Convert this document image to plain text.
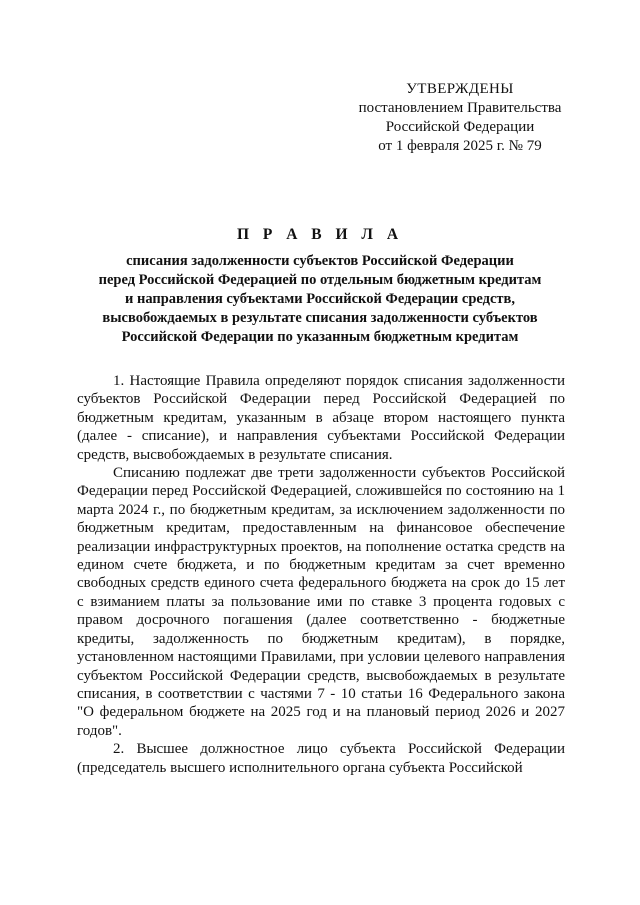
УТВЕРЖДЕНЫ
постановлением Правительства
Российской Федерации
от 1 февраля 2025 г. № 79
П Р А В И Л А
списания задолженности субъектов Российской Федерации
перед Российской Федерацией по отдельным бюджетным кредитам
и направления субъектами Российской Федерации средств,
высвобождаемых в результате списания задолженности субъектов
Российской Федерации по указанным бюджетным кредитам

1. Настоящие Правила определяют порядок списания задолженности субъектов Российской Федерации перед Российской Федерацией по бюджетным кредитам, указанным в абзаце втором настоящего пункта (далее - списание), и направления субъектами Российской Федерации средств, высвобождаемых в результате списания.

Списанию подлежат две трети задолженности субъектов Российской Федерации перед Российской Федерацией, сложившейся по состоянию на 1 марта 2024 г., по бюджетным кредитам, за исключением задолженности по бюджетным кредитам, предоставленным на финансовое обеспечение реализации инфраструктурных проектов, на пополнение остатка средств на едином счете бюджета, и по бюджетным кредитам за счет временно свободных средств единого счета федерального бюджета на срок до 15 лет с взиманием платы за пользование ими по ставке 3 процента годовых с правом досрочного погашения (далее соответственно - бюджетные кредиты, задолженность по бюджетным кредитам), в порядке, установленном настоящими Правилами, при условии целевого направления субъектом Российской Федерации средств, высвобождаемых в результате списания, в соответствии с частями 7 - 10 статьи 16 Федерального закона "О федеральном бюджете на 2025 год и на плановый период 2026 и 2027 годов".

2. Высшее должностное лицо субъекта Российской Федерации (председатель высшего исполнительного органа субъекта Российской
